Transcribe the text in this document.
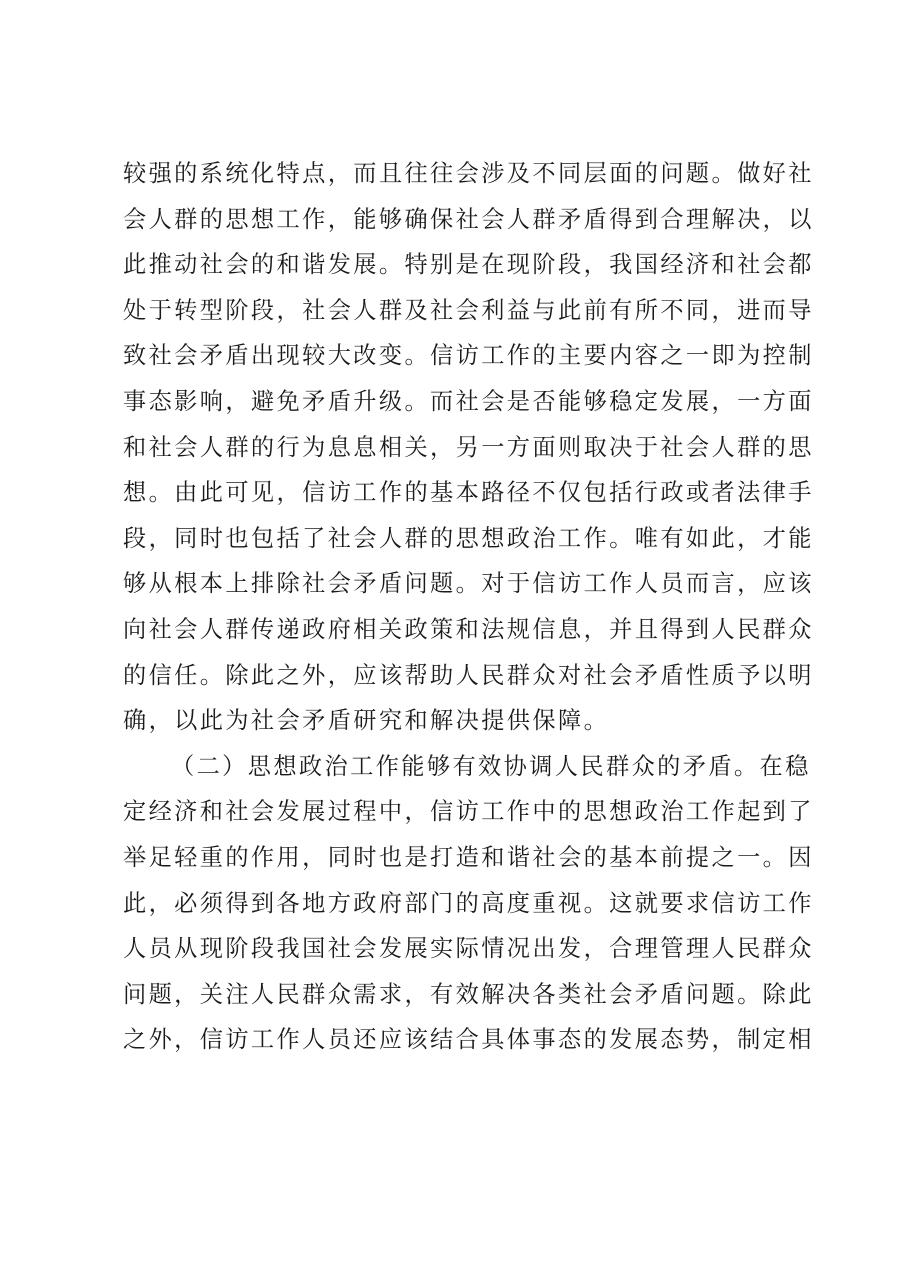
较强的系统化特点，而且往往会涉及不同层面的问题。做好社
会人群的思想工作，能够确保社会人群矛盾得到合理解决，以
此推动社会的和谐发展。特别是在现阶段，我国经济和社会都
处于转型阶段，社会人群及社会利益与此前有所不同，进而导
致社会矛盾出现较大改变。信访工作的主要内容之一即为控制
事态影响，避免矛盾升级。而社会是否能够稳定发展，一方面
和社会人群的行为息息相关，另一方面则取决于社会人群的思
想。由此可见，信访工作的基本路径不仅包括行政或者法律手
段，同时也包括了社会人群的思想政治工作。唯有如此，才能
够从根本上排除社会矛盾问题。对于信访工作人员而言，应该
向社会人群传递政府相关政策和法规信息，并且得到人民群众
的信任。除此之外，应该帮助人民群众对社会矛盾性质予以明
确，以此为社会矛盾研究和解决提供保障。
（二）思想政治工作能够有效协调人民群众的矛盾。在稳
定经济和社会发展过程中，信访工作中的思想政治工作起到了
举足轻重的作用，同时也是打造和谐社会的基本前提之一。因
此，必须得到各地方政府部门的高度重视。这就要求信访工作
人员从现阶段我国社会发展实际情况出发，合理管理人民群众
问题，关注人民群众需求，有效解决各类社会矛盾问题。除此
之外，信访工作人员还应该结合具体事态的发展态势，制定相
